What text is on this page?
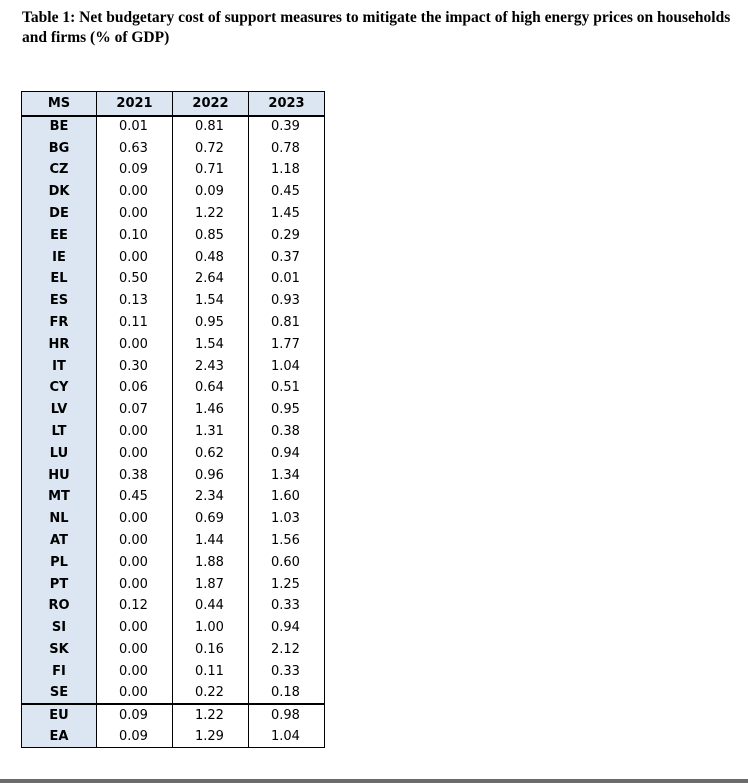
Table 1: Net budgetary cost of support measures to mitigate the impact of high energy prices on households and firms (% of GDP)
MS	2021	2022	2023
BE	0.01	0.81	0.39
BG	0.63	0.72	0.78
CZ	0.09	0.71	1.18
DK	0.00	0.09	0.45
DE	0.00	1.22	1.45
EE	0.10	0.85	0.29
IE	0.00	0.48	0.37
EL	0.50	2.64	0.01
ES	0.13	1.54	0.93
FR	0.11	0.95	0.81
HR	0.00	1.54	1.77
IT	0.30	2.43	1.04
CY	0.06	0.64	0.51
LV	0.07	1.46	0.95
LT	0.00	1.31	0.38
LU	0.00	0.62	0.94
HU	0.38	0.96	1.34
MT	0.45	2.34	1.60
NL	0.00	0.69	1.03
AT	0.00	1.44	1.56
PL	0.00	1.88	0.60
PT	0.00	1.87	1.25
RO	0.12	0.44	0.33
SI	0.00	1.00	0.94
SK	0.00	0.16	2.12
FI	0.00	0.11	0.33
SE	0.00	0.22	0.18
EU	0.09	1.22	0.98
EA	0.09	1.29	1.04
